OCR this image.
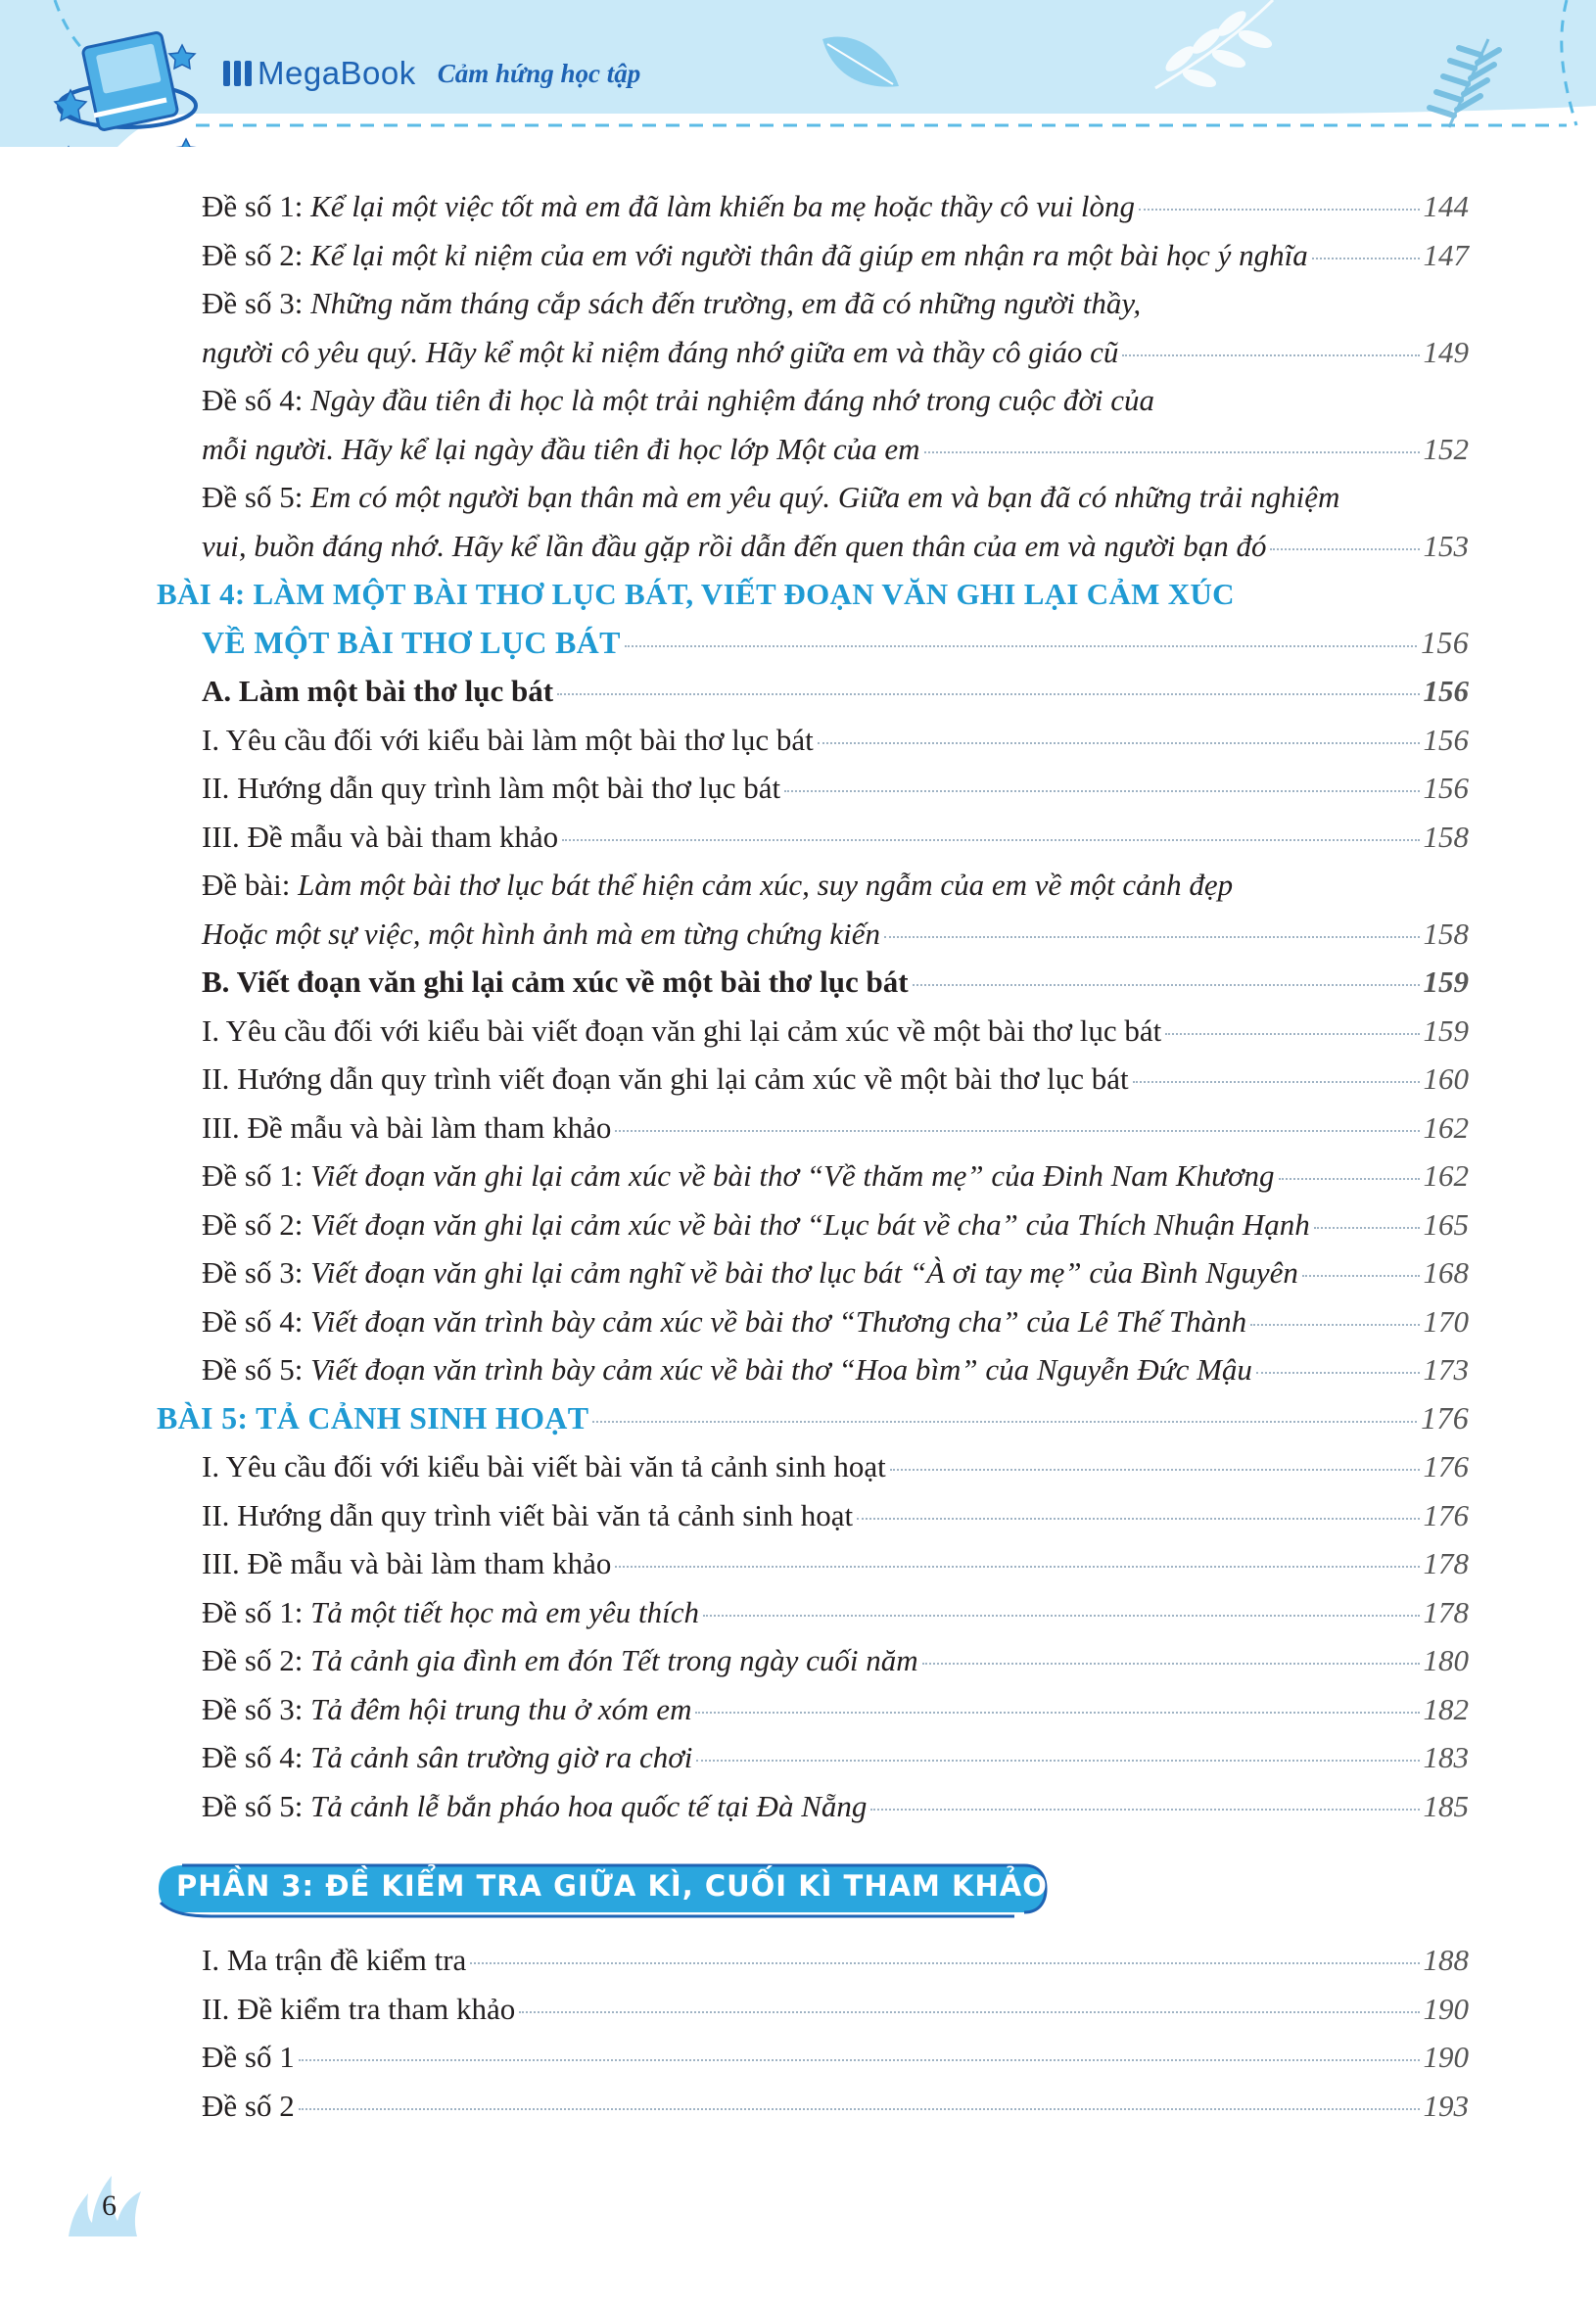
MegaBook Cảm hứng học tập
Đề số 1: Kể lại một việc tốt mà em đã làm khiến ba mẹ hoặc thầy cô vui lòng	144
Đề số 2: Kể lại một kỉ niệm của em với người thân đã giúp em nhận ra một bài học ý nghĩa	147
Đề số 3: Những năm tháng cắp sách đến trường, em đã có những người thầy,
người cô yêu quý. Hãy kể một kỉ niệm đáng nhớ giữa em và thầy cô giáo cũ	149
Đề số 4: Ngày đầu tiên đi học là một trải nghiệm đáng nhớ trong cuộc đời của
mỗi người. Hãy kể lại ngày đầu tiên đi học lớp Một của em	152
Đề số 5: Em có một người bạn thân mà em yêu quý. Giữa em và bạn đã có những trải nghiệm
vui, buồn đáng nhớ. Hãy kể lần đầu gặp rồi dẫn đến quen thân của em và người bạn đó	153
BÀI 4: LÀM MỘT BÀI THƠ LỤC BÁT, VIẾT ĐOẠN VĂN GHI LẠI CẢM XÚC
VỀ MỘT BÀI THƠ LỤC BÁT	156
A. Làm một bài thơ lục bát	156
I. Yêu cầu đối với kiểu bài làm một bài thơ lục bát	156
II. Hướng dẫn quy trình làm một bài thơ lục bát	156
III. Đề mẫu và bài tham khảo	158
Đề bài: Làm một bài thơ lục bát thể hiện cảm xúc, suy ngẫm của em về một cảnh đẹp
Hoặc một sự việc, một hình ảnh mà em từng chứng kiến	158
B. Viết đoạn văn ghi lại cảm xúc về một bài thơ lục bát	159
I. Yêu cầu đối với kiểu bài viết đoạn văn ghi lại cảm xúc về một bài thơ lục bát	159
II. Hướng dẫn quy trình viết đoạn văn ghi lại cảm xúc về một bài thơ lục bát	160
III. Đề mẫu và bài làm tham khảo	162
Đề số 1: Viết đoạn văn ghi lại cảm xúc về bài thơ “Về thăm mẹ” của Đinh Nam Khương	162
Đề số 2: Viết đoạn văn ghi lại cảm xúc về bài thơ “Lục bát về cha” của Thích Nhuận Hạnh	165
Đề số 3: Viết đoạn văn ghi lại cảm nghĩ về bài thơ lục bát “À ơi tay mẹ” của Bình Nguyên	168
Đề số 4: Viết đoạn văn trình bày cảm xúc về bài thơ “Thương cha” của Lê Thế Thành	170
Đề số 5: Viết đoạn văn trình bày cảm xúc về bài thơ “Hoa bìm” của Nguyễn Đức Mậu	173
BÀI 5: TẢ CẢNH SINH HOẠT	176
I. Yêu cầu đối với kiểu bài viết bài văn tả cảnh sinh hoạt	176
II. Hướng dẫn quy trình viết bài văn tả cảnh sinh hoạt	176
III. Đề mẫu và bài làm tham khảo	178
Đề số 1: Tả một tiết học mà em yêu thích	178
Đề số 2: Tả cảnh gia đình em đón Tết trong ngày cuối năm	180
Đề số 3: Tả đêm hội trung thu ở xóm em	182
Đề số 4: Tả cảnh sân trường giờ ra chơi	183
Đề số 5: Tả cảnh lễ bắn pháo hoa quốc tế tại Đà Nẵng	185
PHẦN 3: ĐỀ KIỂM TRA GIỮA KÌ, CUỐI KÌ THAM KHẢO
I. Ma trận đề kiểm tra	188
II. Đề kiểm tra tham khảo	190
Đề số 1	190
Đề số 2	193
6
